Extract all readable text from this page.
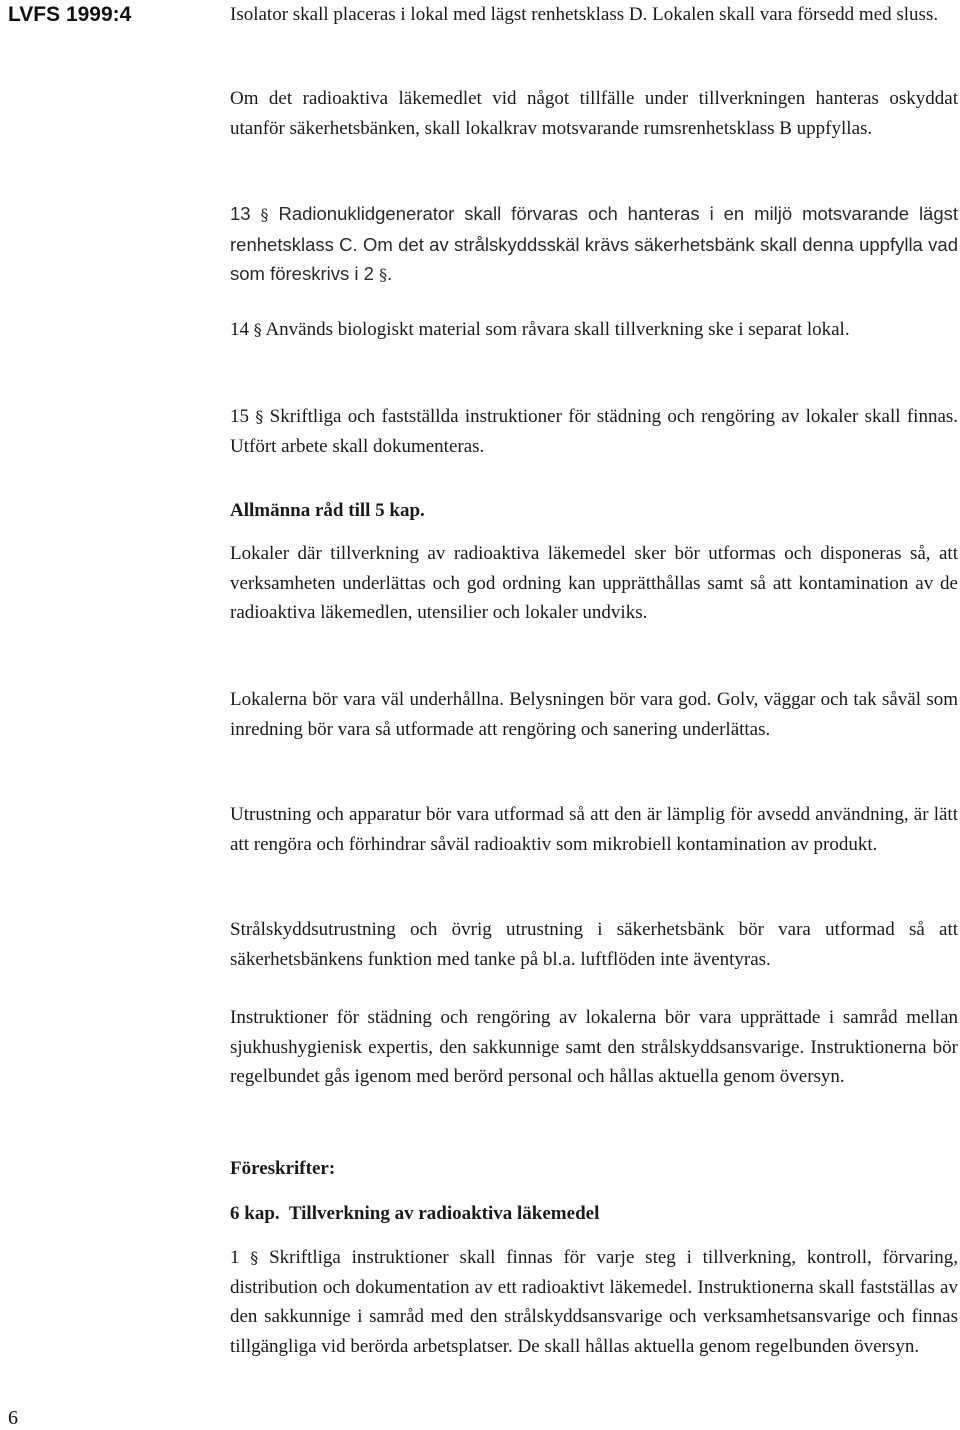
LVFS 1999:4	Isolator skall placeras i lokal med lägst renhetsklass D. Lokalen skall vara försedd med sluss.

Om det radioaktiva läkemedlet vid något tillfälle under tillverkningen hanteras oskyddat utanför säkerhetsbänken, skall lokalkrav motsvarande rumsrenhetsklass B uppfyllas.

13 § Radionuklidgenerator skall förvaras och hanteras i en miljö motsvarande lägst renhetsklass C. Om det av strålskyddsskäl krävs säkerhetsbänk skall denna uppfylla vad som föreskrivs i 2 §.

14 § Används biologiskt material som råvara skall tillverkning ske i separat lokal.

15 § Skriftliga och fastställda instruktioner för städning och rengöring av lokaler skall finnas. Utfört arbete skall dokumenteras.

Allmänna råd till 5 kap.

Lokaler där tillverkning av radioaktiva läkemedel sker bör utformas och disponeras så, att verksamheten underlättas och god ordning kan upprätthållas samt så att kontamination av de radioaktiva läkemedlen, utensilier och lokaler undviks.

Lokalerna bör vara väl underhållna. Belysningen bör vara god. Golv, väggar och tak såväl som inredning bör vara så utformade att rengöring och sanering underlättas.

Utrustning och apparatur bör vara utformad så att den är lämplig för avsedd användning, är lätt att rengöra och förhindrar såväl radioaktiv som mikrobiell kontamination av produkt.

Strålskyddsutrustning och övrig utrustning i säkerhetsbänk bör vara utformad så att säkerhetsbänkens funktion med tanke på bl.a. luftflöden inte äventyras.

Instruktioner för städning och rengöring av lokalerna bör vara upprättade i samråd mellan sjukhushygienisk expertis, den sakkunnige samt den strålskyddsansvarige. Instruktionerna bör regelbundet gås igenom med berörd personal och hållas aktuella genom översyn.

Föreskrifter:

6 kap. Tillverkning av radioaktiva läkemedel

1 § Skriftliga instruktioner skall finnas för varje steg i tillverkning, kontroll, förvaring, distribution och dokumentation av ett radioaktivt läkemedel. Instruktionerna skall fastställas av den sakkunnige i samråd med den strålskyddsansvarige och verksamhetsansvarige och finnas tillgängliga vid berörda arbetsplatser. De skall hållas aktuella genom regelbunden översyn.

6
